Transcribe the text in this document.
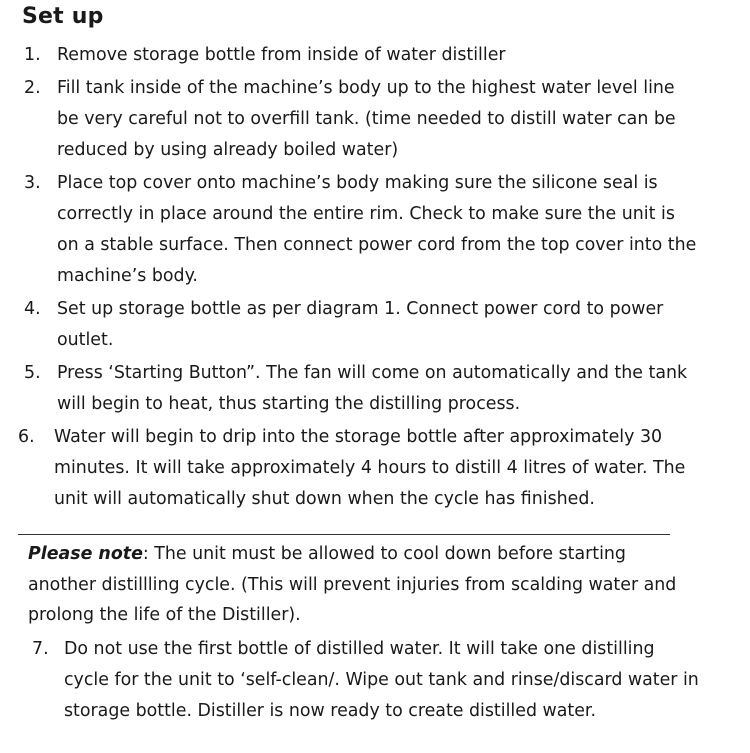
Set up
1. Remove storage bottle from inside of water distiller
2. Fill tank inside of the machine’s body up to the highest water level line be very careful not to overfill tank. (time needed to distill water can be reduced by using already boiled water)
3. Place top cover onto machine’s body making sure the silicone seal is correctly in place around the entire rim. Check to make sure the unit is on a stable surface. Then connect power cord from the top cover into the machine’s body.
4. Set up storage bottle as per diagram 1. Connect power cord to power outlet.
5. Press ‘Starting Button”. The fan will come on automatically and the tank will begin to heat, thus starting the distilling process.
6. Water will begin to drip into the storage bottle after approximately 30 minutes. It will take approximately 4 hours to distill 4 litres of water. The unit will automatically shut down when the cycle has finished.

Please note: The unit must be allowed to cool down before starting another distillling cycle. (This will prevent injuries from scalding water and prolong the life of the Distiller).

7. Do not use the first bottle of distilled water. It will take one distilling cycle for the unit to ‘self-clean/. Wipe out tank and rinse/discard water in storage bottle. Distiller is now ready to create distilled water.
